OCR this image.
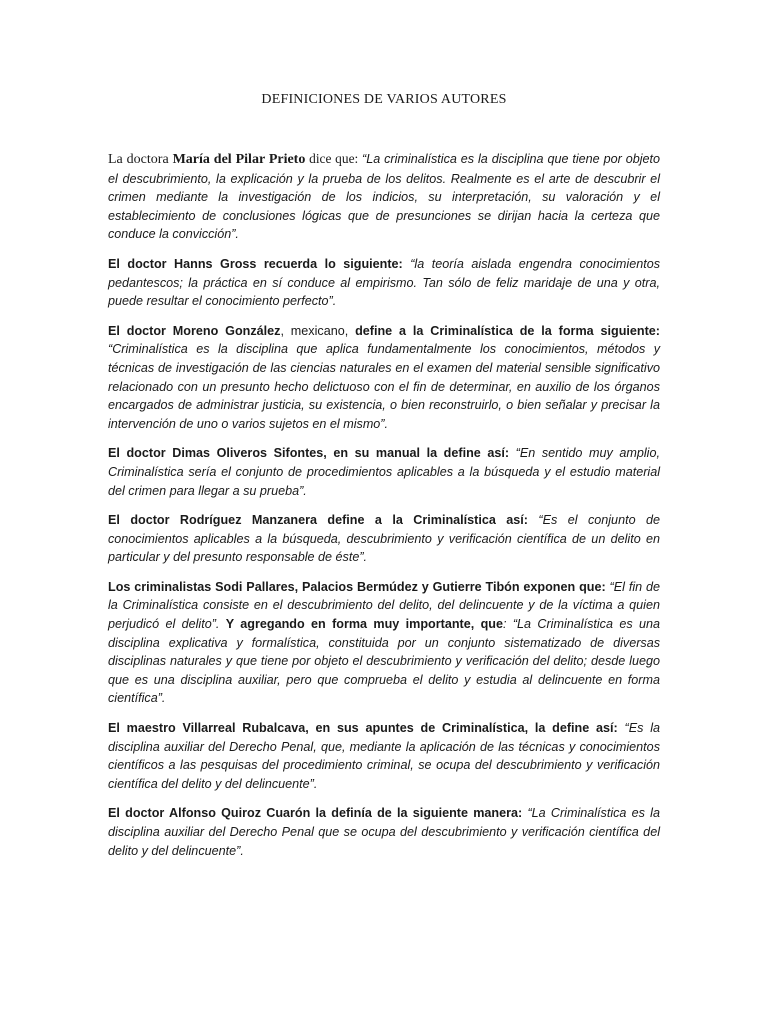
DEFINICIONES DE VARIOS AUTORES

La doctora María del Pilar Prieto dice que: “La criminalística es la disciplina que tiene por objeto el descubrimiento, la explicación y la prueba de los delitos. Realmente es el arte de descubrir el crimen mediante la investigación de los indicios, su interpretación, su valoración y el establecimiento de conclusiones lógicas que de presunciones se dirijan hacia la certeza que conduce la convicción”.

El doctor Hanns Gross recuerda lo siguiente: “la teoría aislada engendra conocimientos pedantescos; la práctica en sí conduce al empirismo. Tan sólo de feliz maridaje de una y otra, puede resultar el conocimiento perfecto”.

El doctor Moreno González, mexicano, define a la Criminalística de la forma siguiente: “Criminalística es la disciplina que aplica fundamentalmente los conocimientos, métodos y técnicas de investigación de las ciencias naturales en el examen del material sensible significativo relacionado con un presunto hecho delictuoso con el fin de determinar, en auxilio de los órganos encargados de administrar justicia, su existencia, o bien reconstruirlo, o bien señalar y precisar la intervención de uno o varios sujetos en el mismo”.

El doctor Dimas Oliveros Sifontes, en su manual la define así: “En sentido muy amplio, Criminalística sería el conjunto de procedimientos aplicables a la búsqueda y el estudio material del crimen para llegar a su prueba”.

El doctor Rodríguez Manzanera define a la Criminalística así: “Es el conjunto de conocimientos aplicables a la búsqueda, descubrimiento y verificación científica de un delito en particular y del presunto responsable de éste”.

Los criminalistas Sodi Pallares, Palacios Bermúdez y Gutierre Tibón exponen que: “El fin de la Criminalística consiste en el descubrimiento del delito, del delincuente y de la víctima a quien perjudicó el delito”. Y agregando en forma muy importante, que: “La Criminalística es una disciplina explicativa y formalística, constituida por un conjunto sistematizado de diversas disciplinas naturales y que tiene por objeto el descubrimiento y verificación del delito; desde luego que es una disciplina auxiliar, pero que comprueba el delito y estudia al delincuente en forma científica”.

El maestro Villarreal Rubalcava, en sus apuntes de Criminalística, la define así: “Es la disciplina auxiliar del Derecho Penal, que, mediante la aplicación de las técnicas y conocimientos científicos a las pesquisas del procedimiento criminal, se ocupa del descubrimiento y verificación científica del delito y del delincuente”.

El doctor Alfonso Quiroz Cuarón la definía de la siguiente manera: “La Criminalística es la disciplina auxiliar del Derecho Penal que se ocupa del descubrimiento y verificación científica del delito y del delincuente”.
